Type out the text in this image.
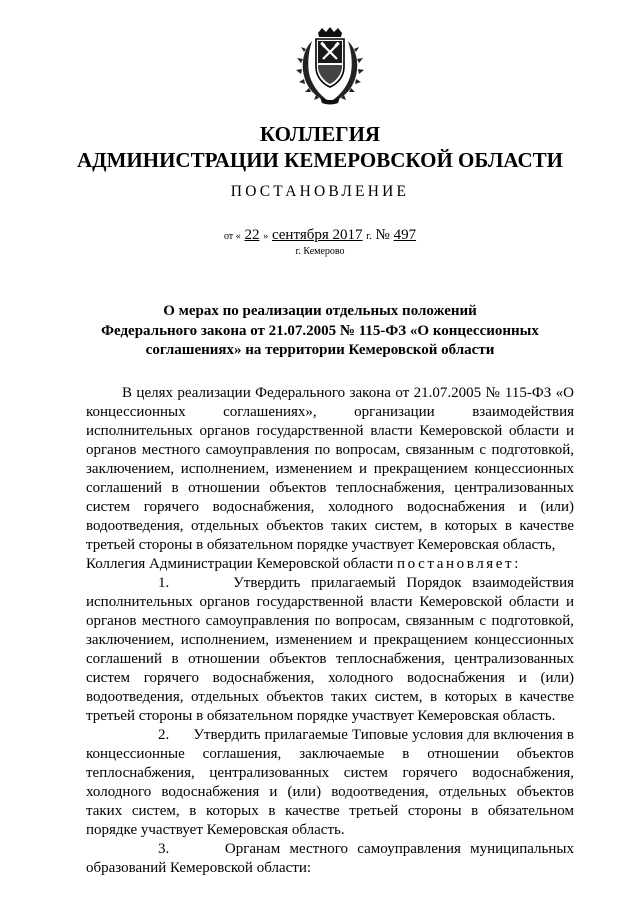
КОЛЛЕГИЯ
АДМИНИСТРАЦИИ КЕМЕРОВСКОЙ ОБЛАСТИ
ПОСТАНОВЛЕНИЕ
от « 22 » сентября 2017 г. № 497
г. Кемерово
О мерах по реализации отдельных положений
Федерального закона от 21.07.2005 № 115-ФЗ «О концессионных
соглашениях» на территории Кемеровской области

В целях реализации Федерального закона от 21.07.2005 № 115-ФЗ «О концессионных соглашениях», организации взаимодействия исполнительных органов государственной власти Кемеровской области и органов местного самоуправления по вопросам, связанным с подготовкой, заключением, исполнением, изменением и прекращением концессионных соглашений в отношении объектов теплоснабжения, централизованных систем горячего водоснабжения, холодного водоснабжения и (или) водоотведения, отдельных объектов таких систем, в которых в качестве третьей стороны в обязательном порядке участвует Кемеровская область,

Коллегия Администрации Кемеровской области постановляет:

1.	Утвердить прилагаемый Порядок взаимодействия исполнительных органов государственной власти Кемеровской области и органов местного самоуправления по вопросам, связанным с подготовкой, заключением, исполнением, изменением и прекращением концессионных соглашений в отношении объектов теплоснабжения, централизованных систем горячего водоснабжения, холодного водоснабжения и (или) водоотведения, отдельных объектов таких систем, в которых в качестве третьей стороны в обязательном порядке участвует Кемеровская область.

2. Утвердить прилагаемые Типовые условия для включения в концессионные соглашения, заключаемые в отношении объектов теплоснабжения, централизованных систем горячего водоснабжения, холодного водоснабжения и (или) водоотведения, отдельных объектов таких систем, в которых в качестве третьей стороны в обязательном порядке участвует Кемеровская область.

3.	Органам местного самоуправления муниципальных образований Кемеровской области:
